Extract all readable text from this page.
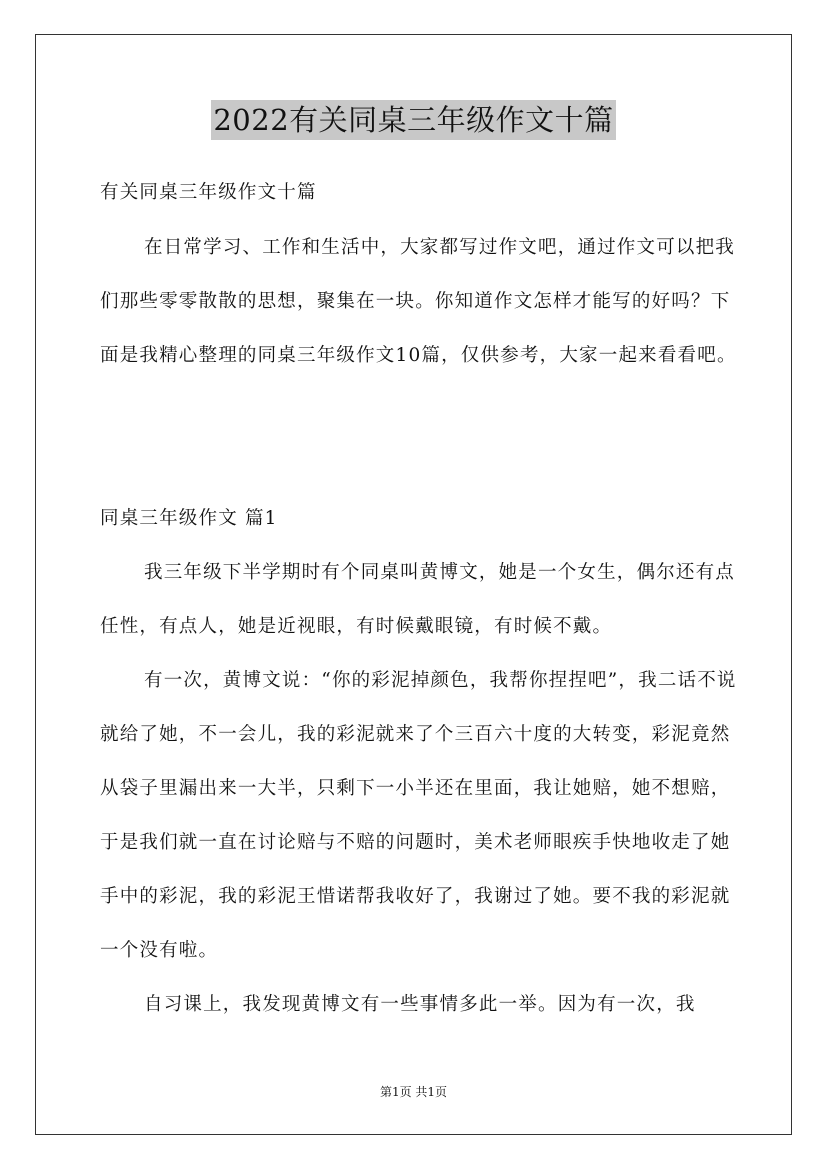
2022有关同桌三年级作文十篇
有关同桌三年级作文十篇

在日常学习、工作和生活中，大家都写过作文吧，通过作文可以把我们那些零零散散的思想，聚集在一块。你知道作文怎样才能写的好吗？下面是我精心整理的同桌三年级作文10篇，仅供参考，大家一起来看看吧。

同桌三年级作文 篇1

我三年级下半学期时有个同桌叫黄博文，她是一个女生，偶尔还有点任性，有点人，她是近视眼，有时候戴眼镜，有时候不戴。

有一次，黄博文说：“你的彩泥掉颜色，我帮你捏捏吧”，我二话不说就给了她，不一会儿，我的彩泥就来了个三百六十度的大转变，彩泥竟然从袋子里漏出来一大半，只剩下一小半还在里面，我让她赔，她不想赔，于是我们就一直在讨论赔与不赔的问题时，美术老师眼疾手快地收走了她手中的彩泥，我的彩泥王惜诺帮我收好了，我谢过了她。要不我的彩泥就一个没有啦。

自习课上，我发现黄博文有一些事情多此一举。因为有一次，我

第1页 共1页
